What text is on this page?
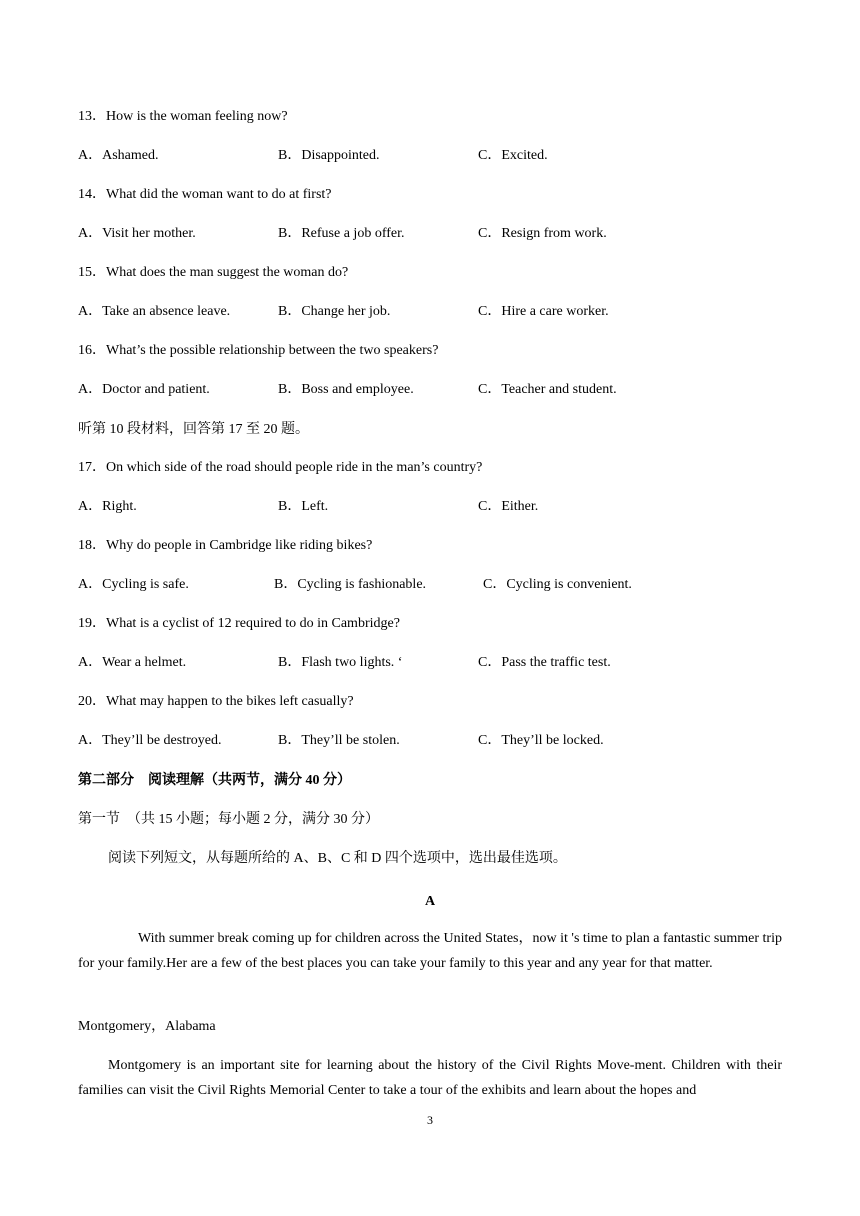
13．How is the woman feeling now?
A．Ashamed.	B．Disappointed.	C．Excited.
14．What did the woman want to do at first?
A．Visit her mother.	B．Refuse a job offer.	C．Resign from work.
15．What does the man suggest the woman do?
A．Take an absence leave.	B．Change her job.	C．Hire a care worker.
16．What’s the possible relationship between the two speakers?
A．Doctor and patient.	B．Boss and employee.	C．Teacher and student.
听第 10 段材料，回答第 17 至 20 题。
17．On which side of the road should people ride in the man’s country?
A．Right.	B．Left.	C．Either.
18．Why do people in Cambridge like riding bikes?
A．Cycling is safe.	B．Cycling is fashionable.	C．Cycling is convenient.
19．What is a cyclist of 12 required to do in Cambridge?
A．Wear a helmet.	B．Flash two lights. ‘	C．Pass the traffic test.
20．What may happen to the bikes left casually?
A．They’ll be destroyed.	B．They’ll be stolen.	C．They’ll be locked.
第二部分　阅读理解（共两节，满分 40 分）
第一节　（共 15 小题；每小题 2 分，满分 30 分）
阅读下列短文，从每题所给的 A、B、C 和 D 四个选项中，选出最佳选项。
A
With summer break coming up for children across the United States，now it 's time to plan a fantastic summer trip for your family.Her are a few of the best places you can take your family to this year and any year for that matter.
Montgomery，Alabama
Montgomery is an important site for learning about the history of the Civil Rights Move-ment. Children with their families can visit the Civil Rights Memorial Center to take a tour of the exhibits and learn about the hopes and
3
